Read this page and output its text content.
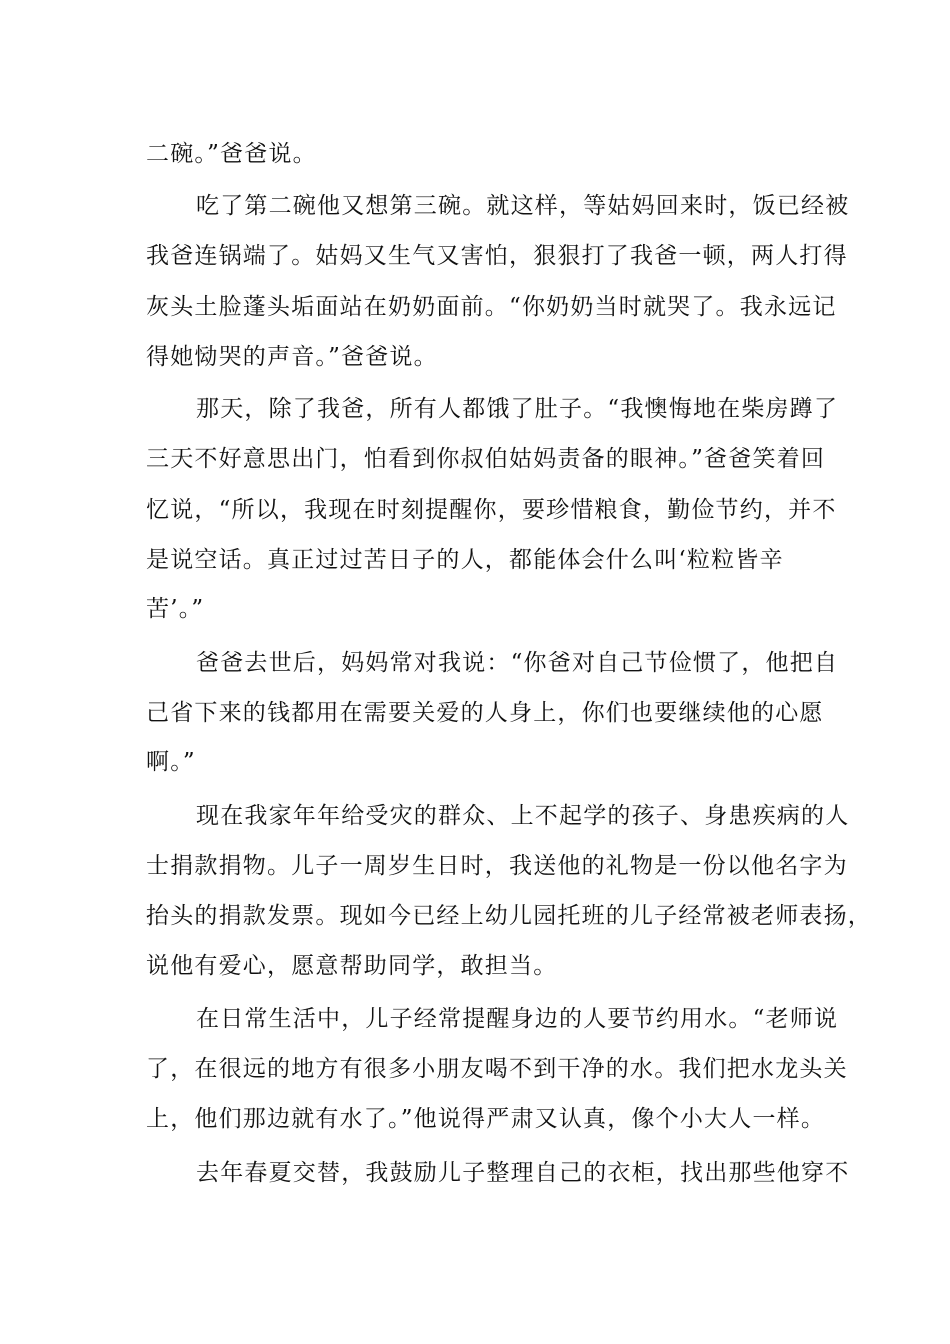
二碗。”爸爸说。
吃了第二碗他又想第三碗。就这样，等姑妈回来时，饭已经被
我爸连锅端了。姑妈又生气又害怕，狠狠打了我爸一顿，两人打得
灰头土脸蓬头垢面站在奶奶面前。“你奶奶当时就哭了。我永远记
得她恸哭的声音。”爸爸说。
那天，除了我爸，所有人都饿了肚子。“我懊悔地在柴房蹲了
三天不好意思出门，怕看到你叔伯姑妈责备的眼神。”爸爸笑着回
忆说，“所以，我现在时刻提醒你，要珍惜粮食，勤俭节约，并不
是说空话。真正过过苦日子的人，都能体会什么叫‘粒粒皆辛
苦’。”
爸爸去世后，妈妈常对我说：“你爸对自己节俭惯了，他把自
己省下来的钱都用在需要关爱的人身上，你们也要继续他的心愿
啊。”
现在我家年年给受灾的群众、上不起学的孩子、身患疾病的人
士捐款捐物。儿子一周岁生日时，我送他的礼物是一份以他名字为
抬头的捐款发票。现如今已经上幼儿园托班的儿子经常被老师表扬，
说他有爱心，愿意帮助同学，敢担当。
在日常生活中，儿子经常提醒身边的人要节约用水。“老师说
了，在很远的地方有很多小朋友喝不到干净的水。我们把水龙头关
上，他们那边就有水了。”他说得严肃又认真，像个小大人一样。
去年春夏交替，我鼓励儿子整理自己的衣柜，找出那些他穿不
